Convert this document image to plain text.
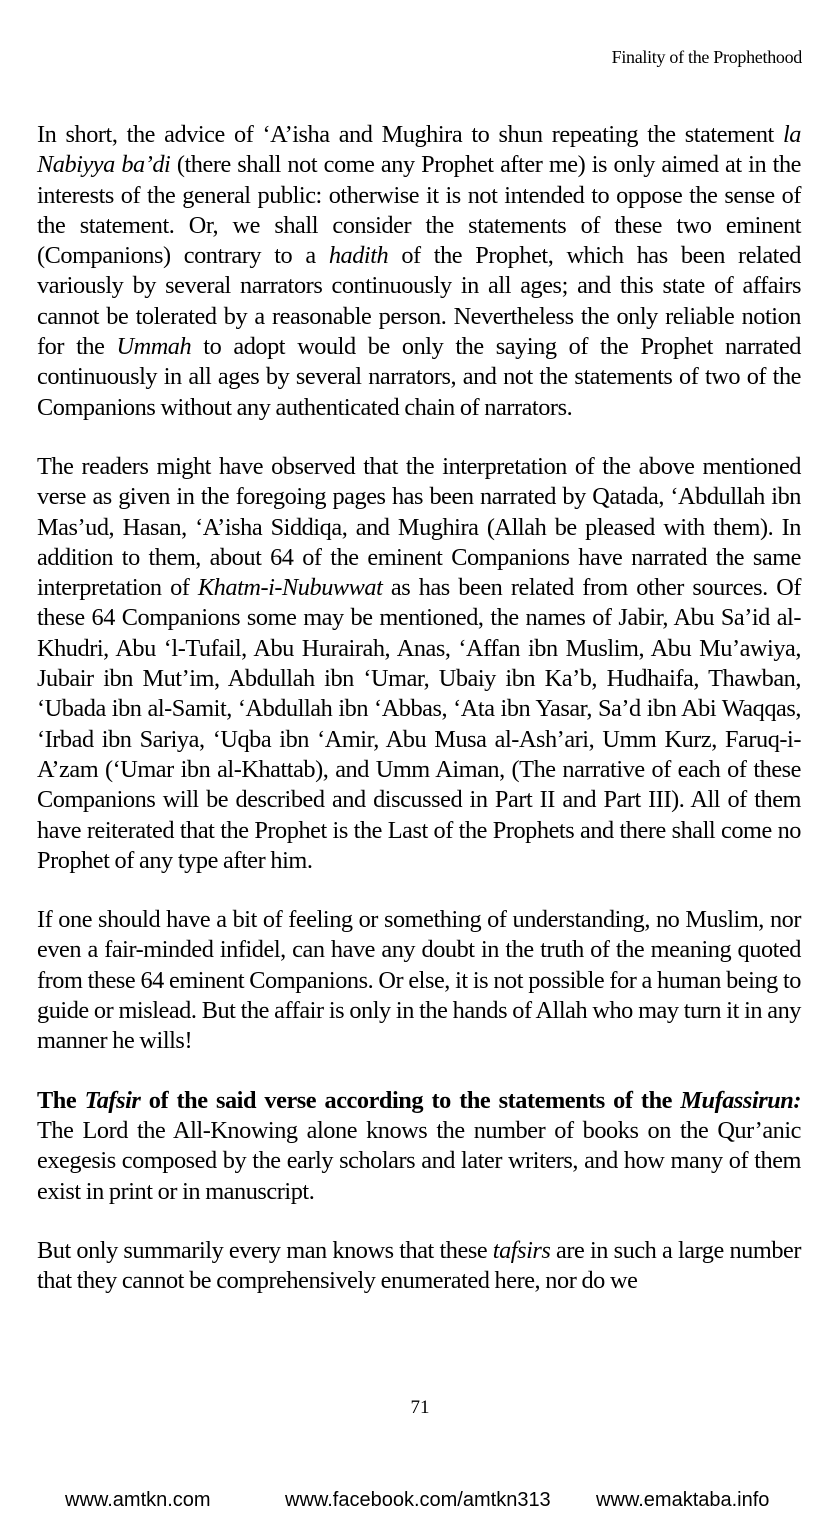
Finality of the Prophethood

In short, the advice of ‘A’isha and Mughira to shun repeating the statement la Nabiyya ba’di (there shall not come any Prophet after me) is only aimed at in the interests of the general public: otherwise it is not intended to oppose the sense of the statement. Or, we shall consider the statements of these two eminent (Companions) contrary to a hadith of the Prophet, which has been related variously by several narrators continuously in all ages; and this state of affairs cannot be tolerated by a reasonable person. Nevertheless the only reliable notion for the Ummah to adopt would be only the saying of the Prophet narrated continuously in all ages by several narrators, and not the statements of two of the Companions without any authenticated chain of narrators.

The readers might have observed that the interpretation of the above mentioned verse as given in the foregoing pages has been narrated by Qatada, ‘Abdullah ibn Mas’ud, Hasan, ‘A’isha Siddiqa, and Mughira (Allah be pleased with them). In addition to them, about 64 of the eminent Companions have narrated the same interpretation of Khatm-i-Nubuwwat as has been related from other sources. Of these 64 Companions some may be mentioned, the names of Jabir, Abu Sa’id al-Khudri, Abu ‘l-Tufail, Abu Hurairah, Anas, ‘Affan ibn Muslim, Abu Mu’awiya, Jubair ibn Mut’im, Abdullah ibn ‘Umar, Ubaiy ibn Ka’b, Hudhaifa, Thawban, ‘Ubada ibn al-Samit, ‘Abdullah ibn ‘Abbas, ‘Ata ibn Yasar, Sa’d ibn Abi Waqqas, ‘Irbad ibn Sariya, ‘Uqba ibn ‘Amir, Abu Musa al-Ash’ari, Umm Kurz, Faruq-i-A’zam (‘Umar ibn al-Khattab), and Umm Aiman, (The narrative of each of these Companions will be described and discussed in Part II and Part III). All of them have reiterated that the Prophet is the Last of the Prophets and there shall come no Prophet of any type after him.

If one should have a bit of feeling or something of understanding, no Muslim, nor even a fair-minded infidel, can have any doubt in the truth of the meaning quoted from these 64 eminent Companions. Or else, it is not possible for a human being to guide or mislead. But the affair is only in the hands of Allah who may turn it in any manner he wills!

The Tafsir of the said verse according to the statements of the Mufassirun: The Lord the All-Knowing alone knows the number of books on the Qur’anic exegesis composed by the early scholars and later writers, and how many of them exist in print or in manuscript.

But only summarily every man knows that these tafsirs are in such a large number that they cannot be comprehensively enumerated here, nor do we

71
www.amtkn.com	www.facebook.com/amtkn313 www.emaktaba.info
